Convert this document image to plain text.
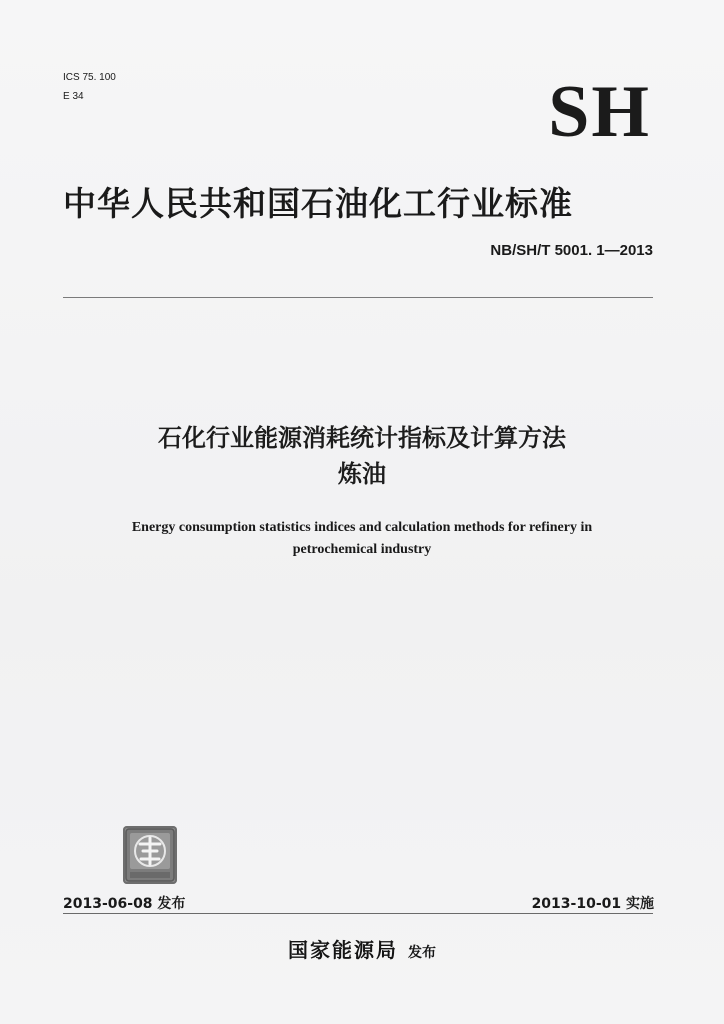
ICS 75. 100
E 34	SH
中华人民共和国石油化工行业标准
NB/SH/T 5001. 1—2013
石化行业能源消耗统计指标及计算方法
炼油
Energy consumption statistics indices and calculation methods for refinery in
petrochemical industry
2013-06-08 发布	2013-10-01 实施
国家能源局 发布
